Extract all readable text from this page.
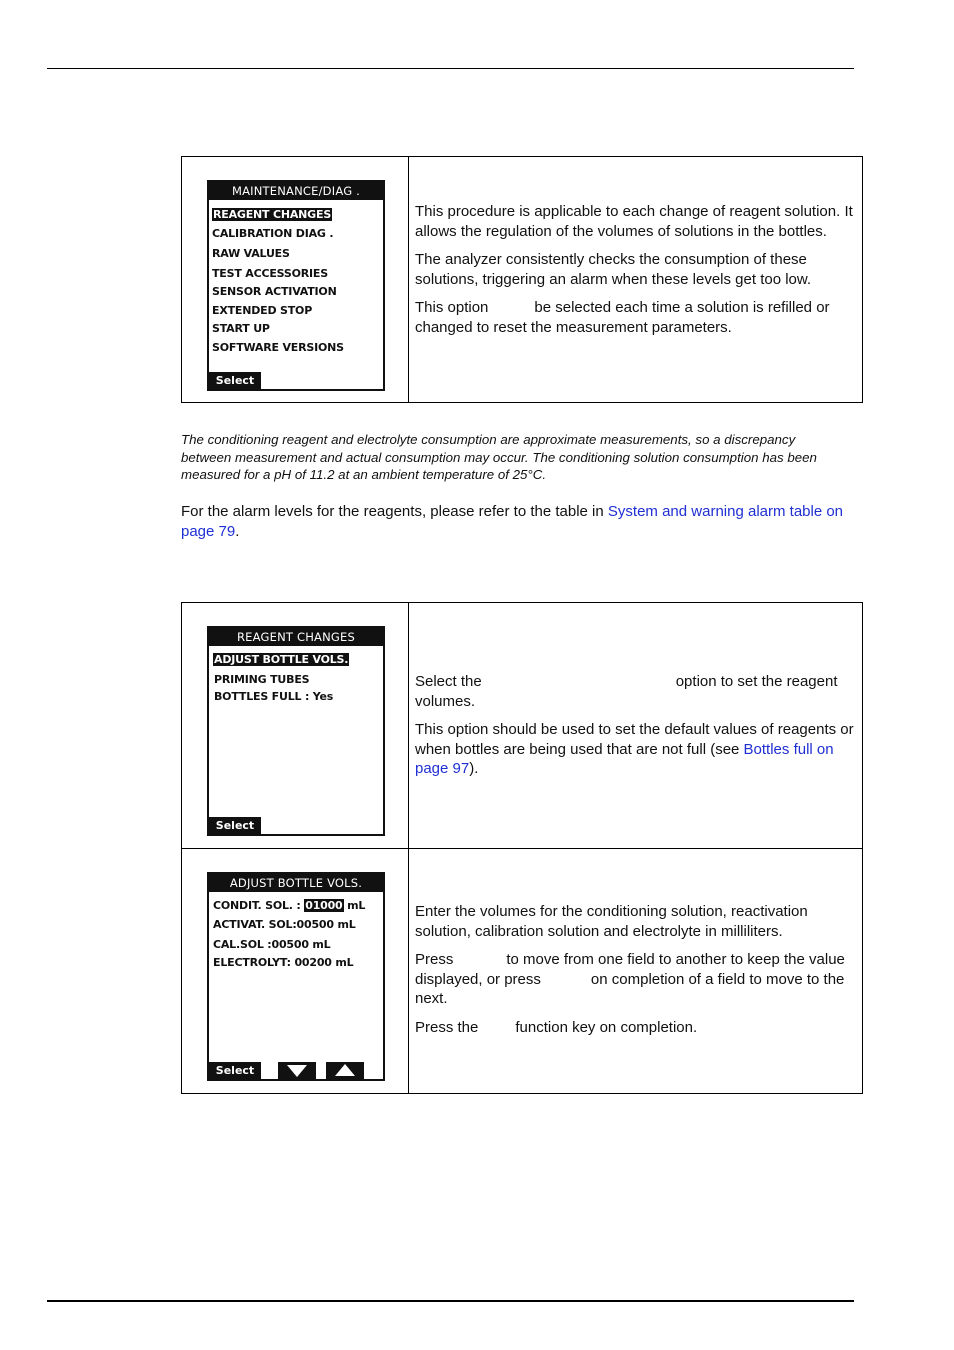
MAINTENANCE/DIAG .
REAGENT CHANGES
CALIBRATION DIAG .
RAW VALUES
TEST ACCESSORIES
SENSOR ACTIVATION
EXTENDED STOP
START UP
SOFTWARE VERSIONS
Select

This procedure is applicable to each change of reagent solution. It allows the regulation of the volumes of solutions in the bottles.

The analyzer consistently checks the consumption of these solutions, triggering an alarm when these levels get too low.

This option	be selected each time a solution is refilled or changed to reset the measurement parameters.

The conditioning reagent and electrolyte consumption are approximate measurements, so a discrepancy between measurement and actual consumption may occur. The conditioning solution consumption has been measured for a pH of 11.2 at an ambient temperature of 25°C.
For the alarm levels for the reagents, please refer to the table in System and warning alarm table on page 79.
REAGENT CHANGES
ADJUST BOTTLE VOLS.
PRIMING TUBES
BOTTLES FULL : Yes
Select

Select the	option to set the reagent volumes.

This option should be used to set the default values of reagents or when bottles are being used that are not full (see Bottles full on page 97).

ADJUST BOTTLE VOLS.
CONDIT. SOL. : 01000 mL
ACTIVAT. SOL:00500 mL
CAL.SOL :00500 mL
ELECTROLYT: 00200 mL
Select

Enter the volumes for the conditioning solution, reactivation solution, calibration solution and electrolyte in milliliters.

Press	to move from one field to another to keep the value displayed, or press	on completion of a field to move to the next.

Press the function key on completion.
